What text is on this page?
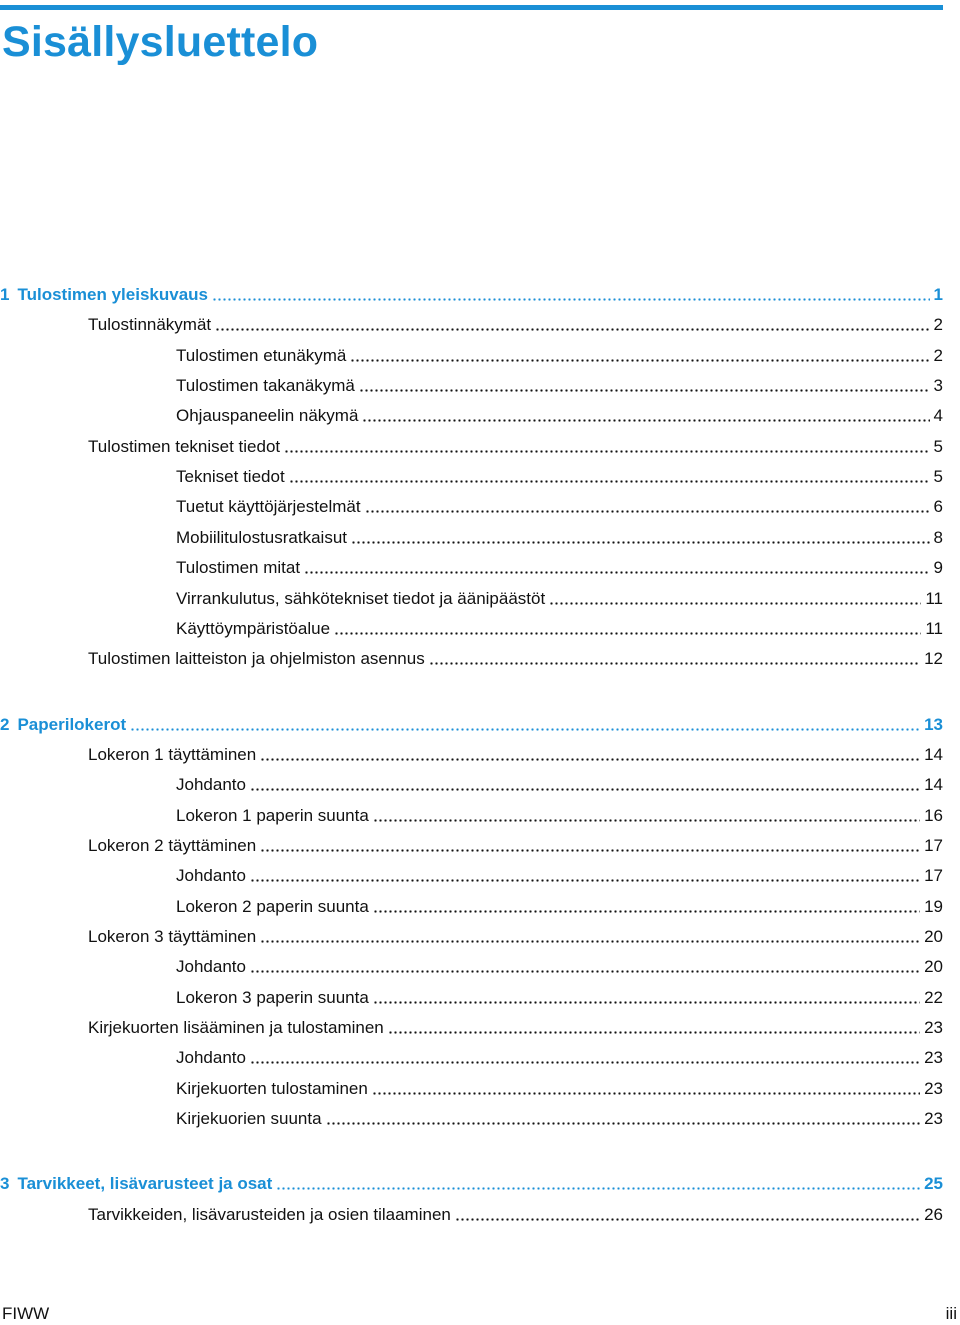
Sisällysluettelo
1 Tulostimen yleiskuvaus	1
Tulostinnäkymät	2
Tulostimen etunäkymä	2
Tulostimen takanäkymä	3
Ohjauspaneelin näkymä	4
Tulostimen tekniset tiedot	5
Tekniset tiedot	5
Tuetut käyttöjärjestelmät	6
Mobiilitulostusratkaisut	8
Tulostimen mitat	9
Virrankulutus, sähkötekniset tiedot ja äänipäästöt	11
Käyttöympäristöalue	11
Tulostimen laitteiston ja ohjelmiston asennus	12
2 Paperilokerot	13
Lokeron 1 täyttäminen	14
Johdanto	14
Lokeron 1 paperin suunta	16
Lokeron 2 täyttäminen	17
Johdanto	17
Lokeron 2 paperin suunta	19
Lokeron 3 täyttäminen	20
Johdanto	20
Lokeron 3 paperin suunta	22
Kirjekuorten lisääminen ja tulostaminen	23
Johdanto	23
Kirjekuorten tulostaminen	23
Kirjekuorien suunta	23
3 Tarvikkeet, lisävarusteet ja osat	25
Tarvikkeiden, lisävarusteiden ja osien tilaaminen	26
FIWW	iii
